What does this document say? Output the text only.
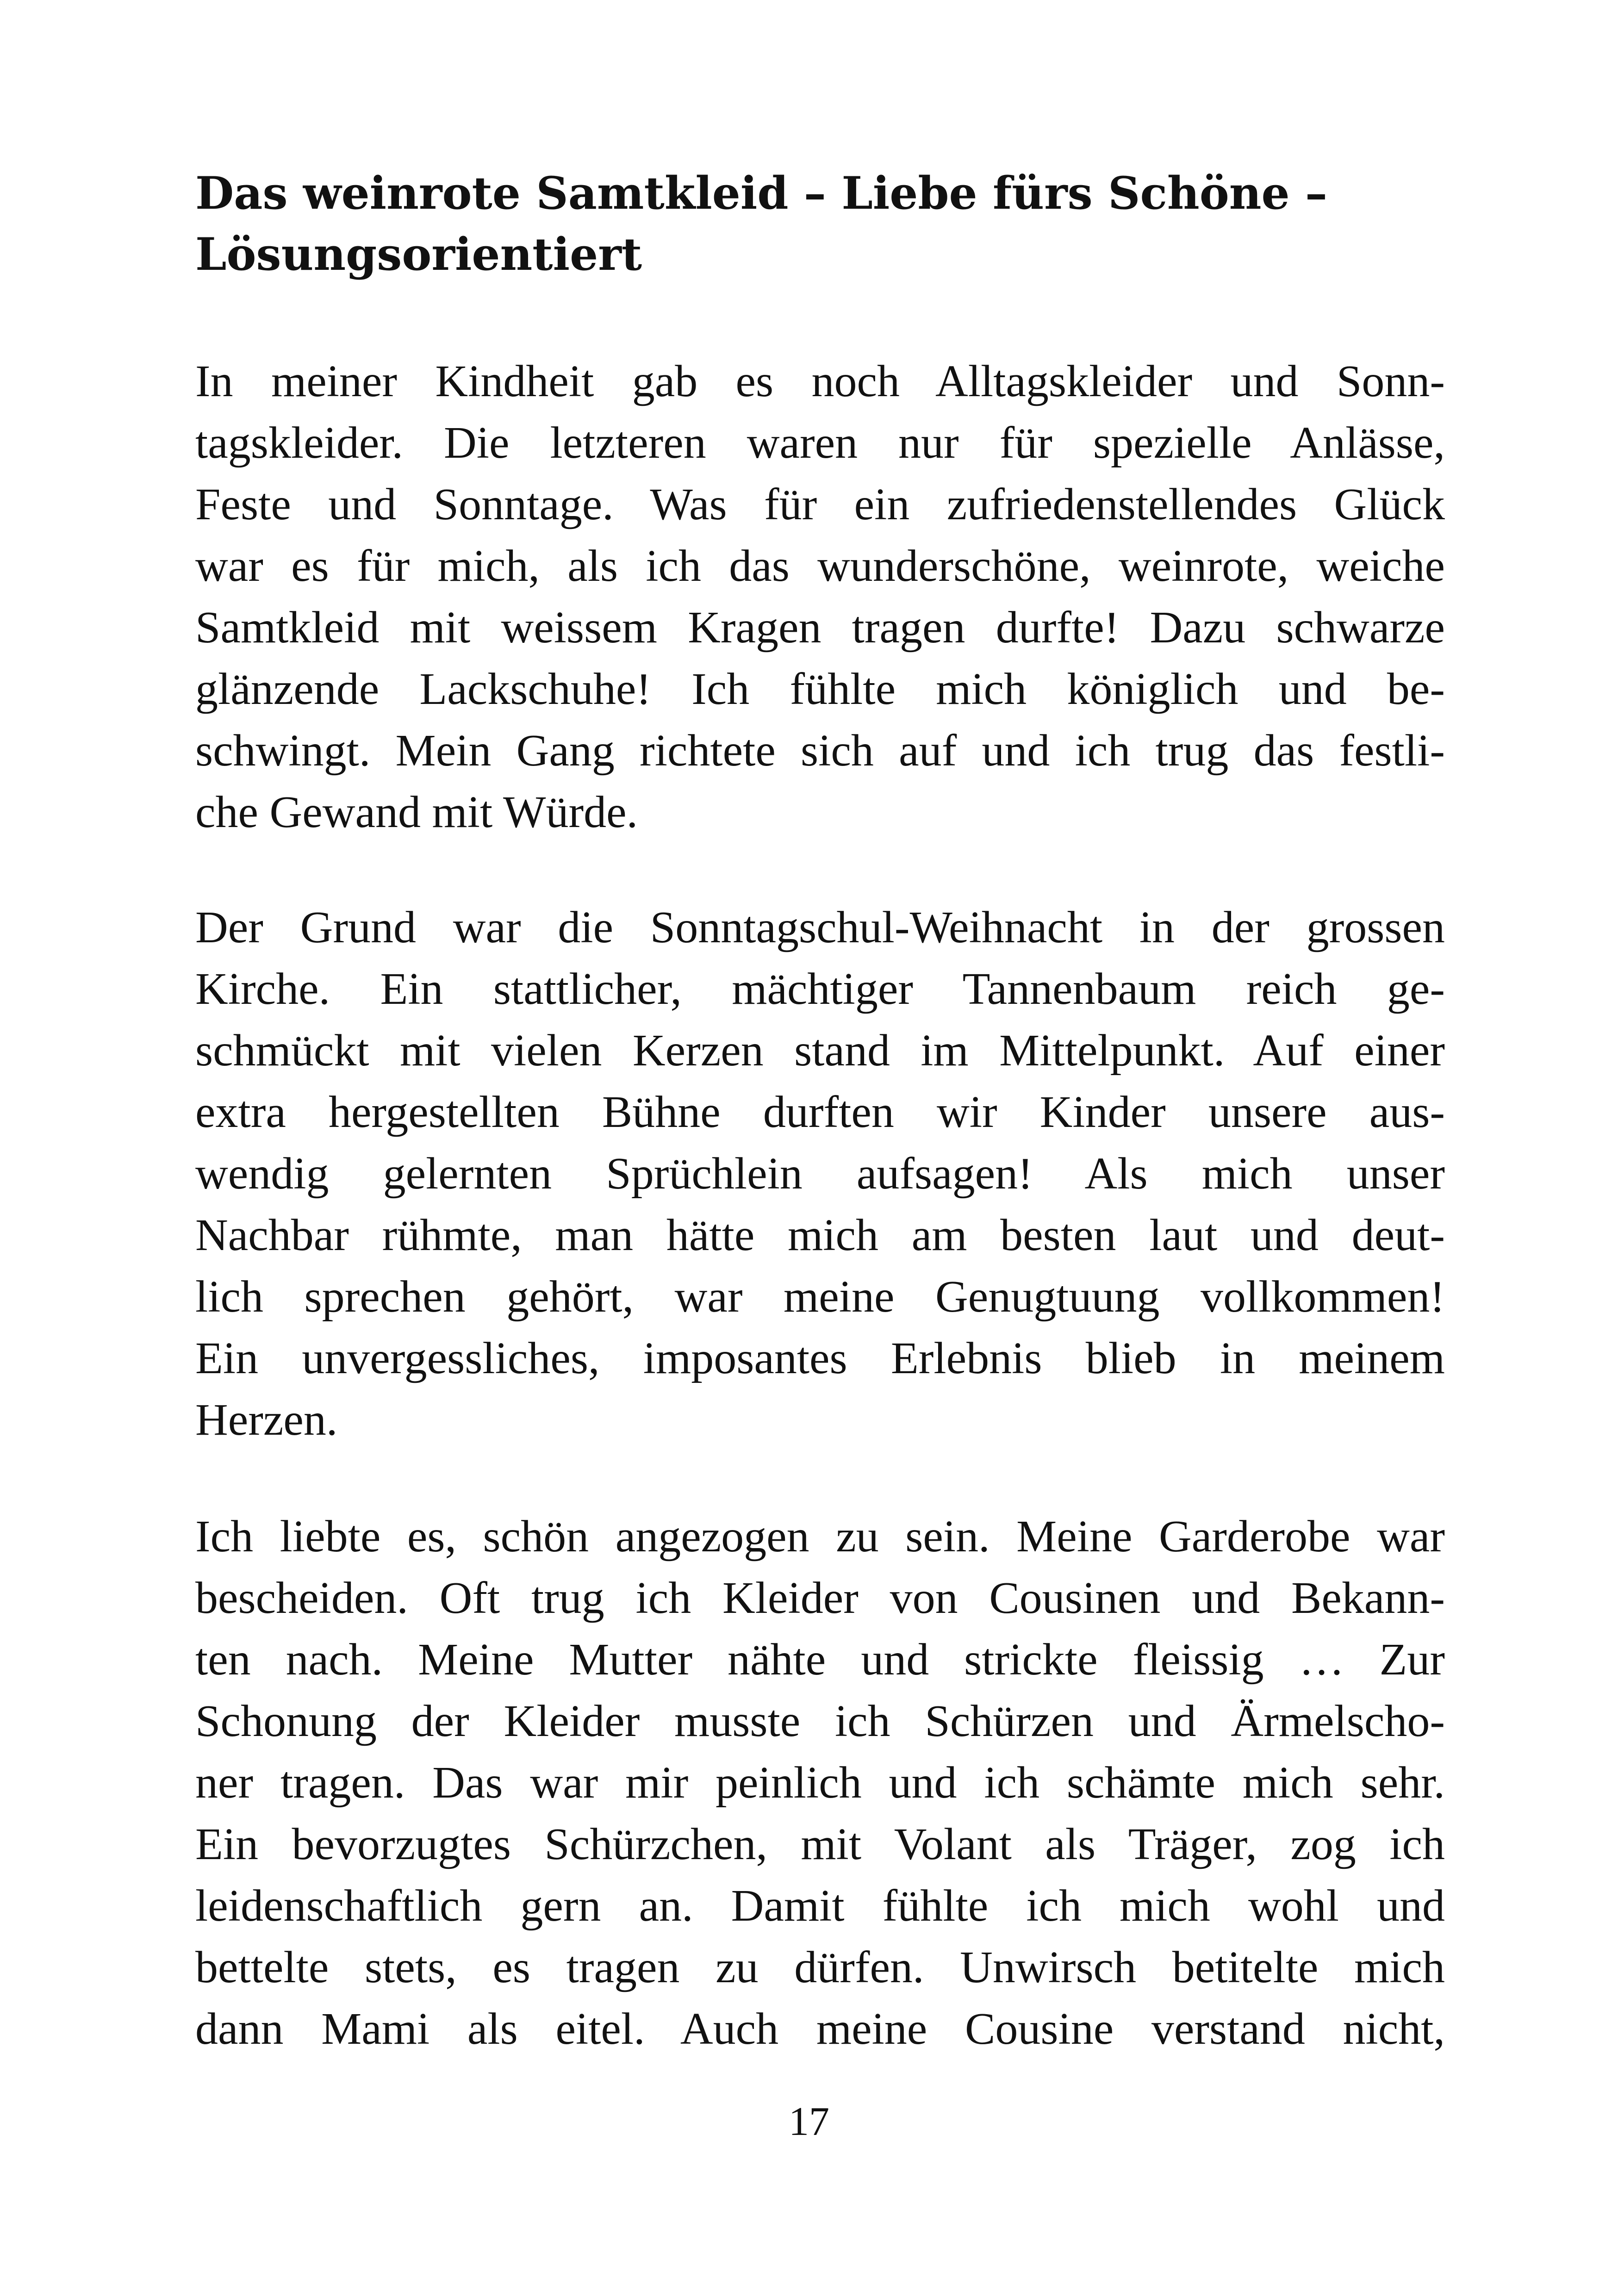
Das weinrote Samtkleid – Liebe fürs Schöne –
Lösungsorientiert

In meiner Kindheit gab es noch Alltagskleider und Sonn-
tagskleider. Die letzteren waren nur für spezielle Anlässe,
Feste und Sonntage. Was für ein zufriedenstellendes Glück
war es für mich, als ich das wunderschöne, weinrote, weiche
Samtkleid mit weissem Kragen tragen durfte! Dazu schwarze
glänzende Lackschuhe! Ich fühlte mich königlich und be-
schwingt. Mein Gang richtete sich auf und ich trug das festli-
che Gewand mit Würde.

Der Grund war die Sonntagschul-Weihnacht in der grossen
Kirche. Ein stattlicher, mächtiger Tannenbaum reich ge-
schmückt mit vielen Kerzen stand im Mittelpunkt. Auf einer
extra hergestellten Bühne durften wir Kinder unsere aus-
wendig gelernten Sprüchlein aufsagen! Als mich unser
Nachbar rühmte, man hätte mich am besten laut und deut-
lich sprechen gehört, war meine Genugtuung vollkommen!
Ein unvergessliches, imposantes Erlebnis blieb in meinem
Herzen.

Ich liebte es, schön angezogen zu sein. Meine Garderobe war
bescheiden. Oft trug ich Kleider von Cousinen und Bekann-
ten nach. Meine Mutter nähte und strickte fleissig … Zur
Schonung der Kleider musste ich Schürzen und Ärmelscho-
ner tragen. Das war mir peinlich und ich schämte mich sehr.
Ein bevorzugtes Schürzchen, mit Volant als Träger, zog ich
leidenschaftlich gern an. Damit fühlte ich mich wohl und
bettelte stets, es tragen zu dürfen. Unwirsch betitelte mich
dann Mami als eitel. Auch meine Cousine verstand nicht,

17
